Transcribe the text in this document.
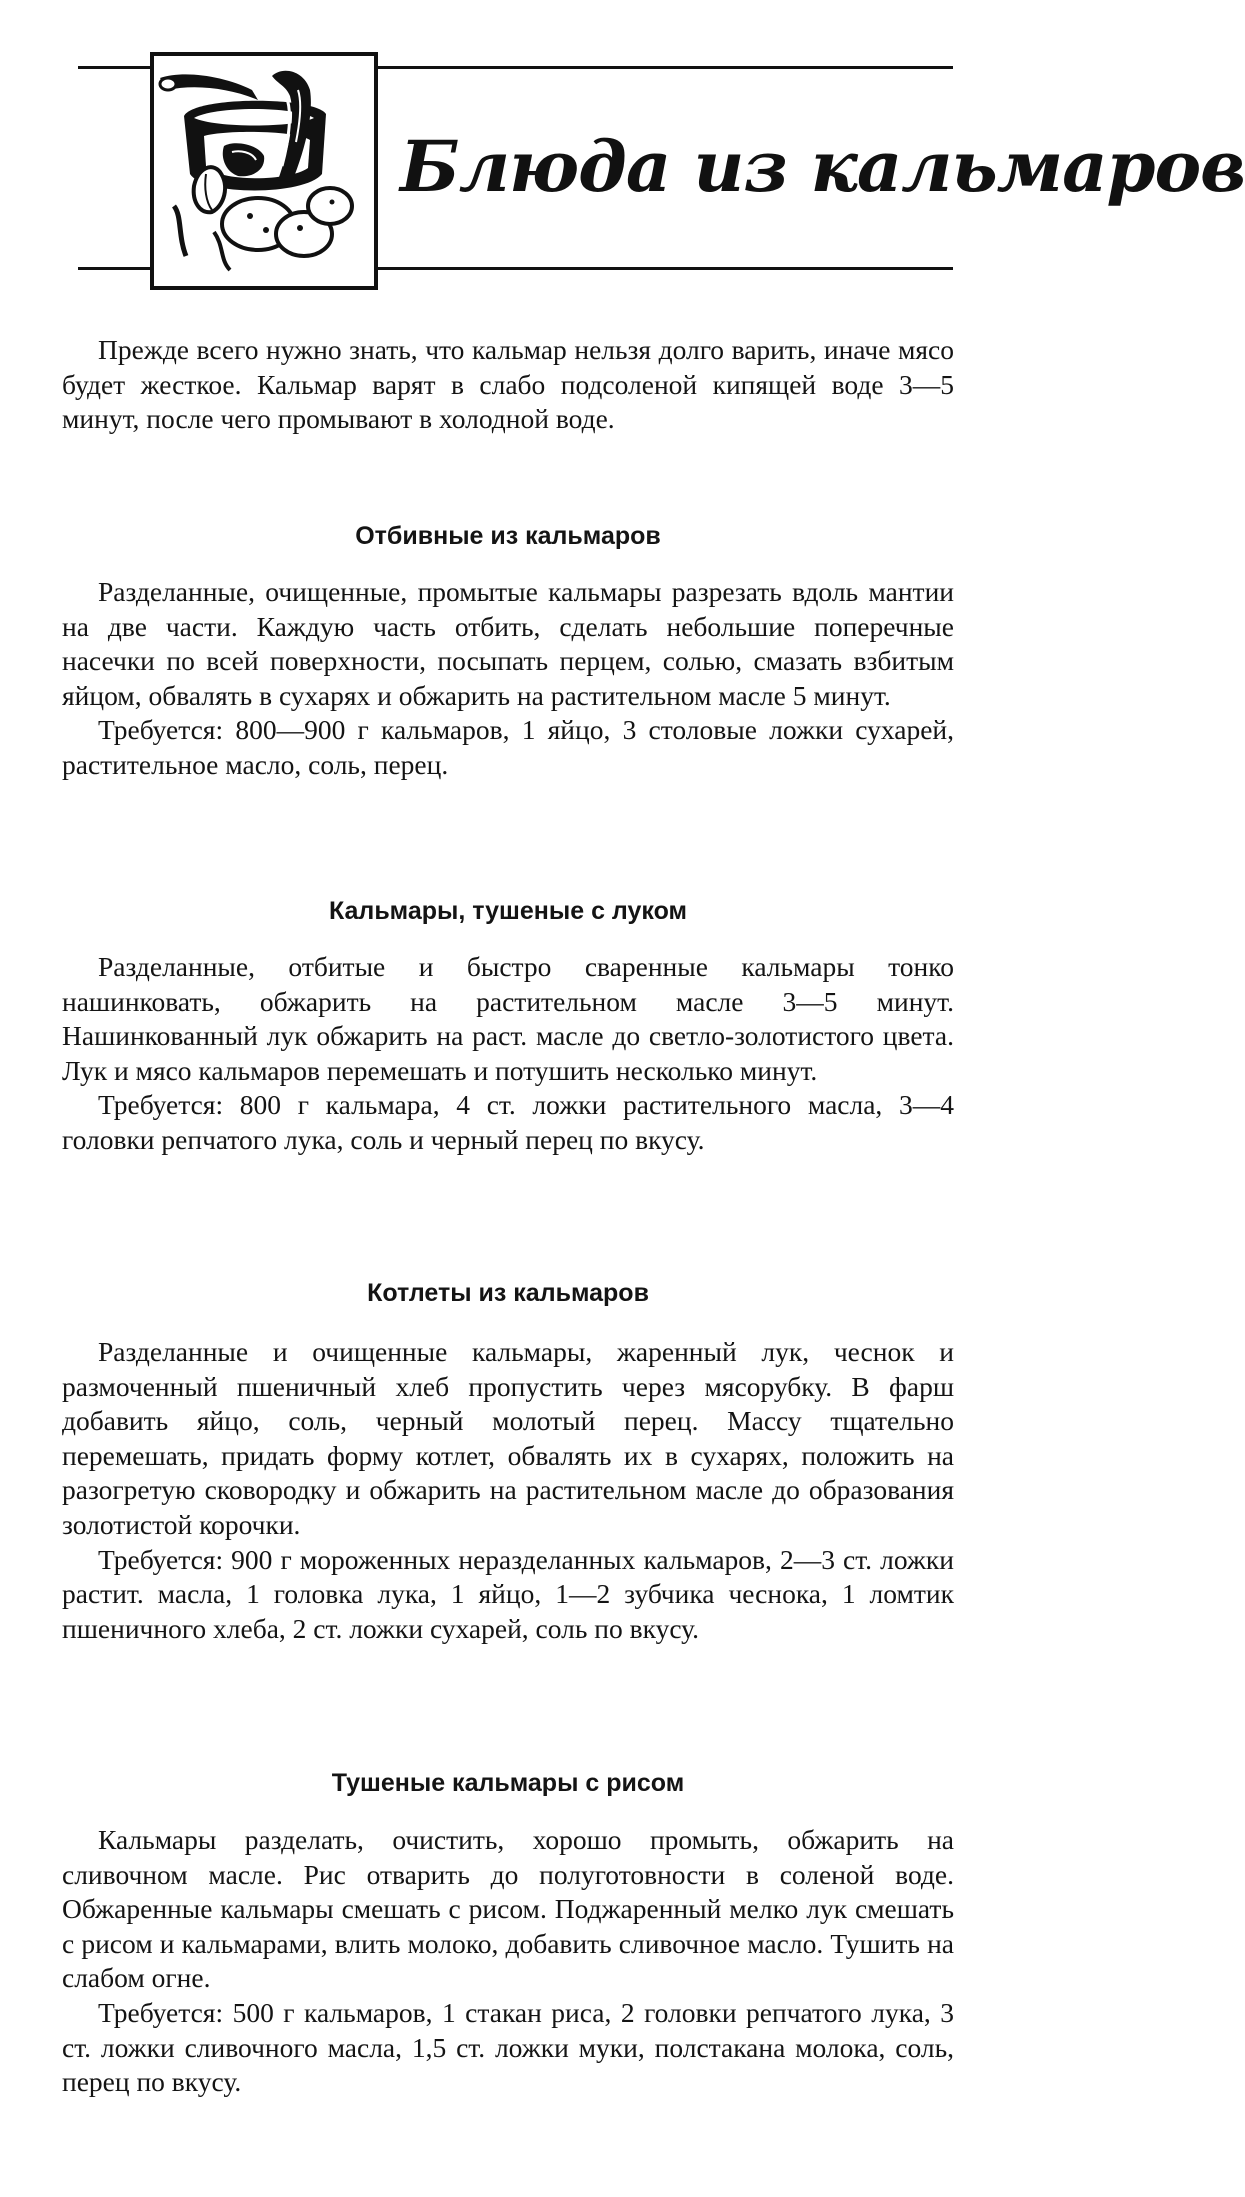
Блюда из кальмаров

Прежде всего нужно знать, что кальмар нельзя долго варить, иначе мясо будет жесткое. Кальмар варят в слабо подсоленой кипящей воде 3—5 минут, после чего промывают в холодной воде.

Отбивные из кальмаров

Разделанные, очищенные, промытые кальмары разрезать вдоль мантии на две части. Каждую часть отбить, сделать небольшие поперечные насечки по всей поверхности, посыпать перцем, солью, смазать взбитым яйцом, обвалять в сухарях и обжарить на растительном масле 5 минут.

Требуется: 800—900 г кальмаров, 1 яйцо, 3 столовые ложки сухарей, растительное масло, соль, перец.

Кальмары, тушеные с луком

Разделанные, отбитые и быстро сваренные кальмары тонко нашинковать, обжарить на растительном масле 3—5 минут. Нашинкованный лук обжарить на раст. масле до светло-золотистого цвета. Лук и мясо кальмаров перемешать и потушить несколько минут.

Требуется: 800 г кальмара, 4 ст. ложки растительного масла, 3—4 головки репчатого лука, соль и черный перец по вкусу.

Котлеты из кальмаров

Разделанные и очищенные кальмары, жаренный лук, чеснок и размоченный пшеничный хлеб пропустить через мясорубку. В фарш добавить яйцо, соль, черный молотый перец. Массу тщательно перемешать, придать форму котлет, обвалять их в сухарях, положить на разогретую сковородку и обжарить на растительном масле до образования золотистой корочки.

Требуется: 900 г мороженных неразделанных кальмаров, 2—3 ст. ложки растит. масла, 1 головка лука, 1 яйцо, 1—2 зубчика чеснока, 1 ломтик пшеничного хлеба, 2 ст. ложки сухарей, соль по вкусу.

Тушеные кальмары с рисом

Кальмары разделать, очистить, хорошо промыть, обжарить на сливочном масле. Рис отварить до полуготовности в соленой воде. Обжаренные кальмары смешать с рисом. Поджаренный мелко лук смешать с рисом и кальмарами, влить молоко, добавить сливочное масло. Тушить на слабом огне.

Требуется: 500 г кальмаров, 1 стакан риса, 2 головки репчатого лука, 3 ст. ложки сливочного масла, 1,5 ст. ложки муки, полстакана молока, соль, перец по вкусу.
